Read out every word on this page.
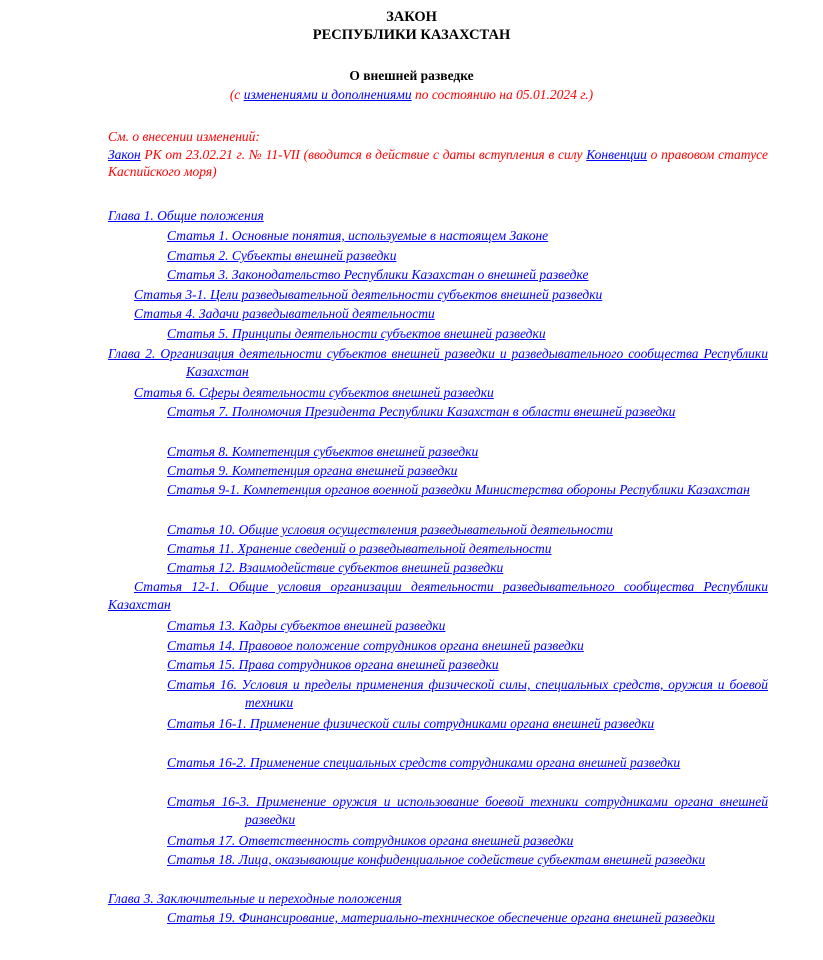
ЗАКОН
РЕСПУБЛИКИ КАЗАХСТАН
О внешней разведке
(с изменениями и дополнениями по состоянию на 05.01.2024 г.)
См. о внесении изменений:
Закон РК от 23.02.21 г. № 11-VII (вводится в действие с даты вступления в силу Конвенции о правовом статусе Каспийского моря)
Глава 1. Общие положения
Статья 1. Основные понятия, используемые в настоящем Законе
Статья 2. Субъекты внешней разведки
Статья 3. Законодательство Республики Казахстан о внешней разведке
Статья 3-1. Цели разведывательной деятельности субъектов внешней разведки
Статья 4. Задачи разведывательной деятельности
Статья 5. Принципы деятельности субъектов внешней разведки
Глава 2. Организация деятельности субъектов внешней разведки и разведывательного сообщества Республики Казахстан
Статья 6. Сферы деятельности субъектов внешней разведки
Статья 7. Полномочия Президента Республики Казахстан в области внешней разведки
Статья 8. Компетенция субъектов внешней разведки
Статья 9. Компетенция органа внешней разведки
Статья 9-1. Компетенция органов военной разведки Министерства обороны Республики Казахстан
Статья 10. Общие условия осуществления разведывательной деятельности
Статья 11. Хранение сведений о разведывательной деятельности
Статья 12. Взаимодействие субъектов внешней разведки
Статья 12-1. Общие условия организации деятельности разведывательного сообщества Республики Казахстан
Статья 13. Кадры субъектов внешней разведки
Статья 14. Правовое положение сотрудников органа внешней разведки
Статья 15. Права сотрудников органа внешней разведки
Статья 16. Условия и пределы применения физической силы, специальных средств, оружия и боевой техники
Статья 16-1. Применение физической силы сотрудниками органа внешней разведки
Статья 16-2. Применение специальных средств сотрудниками органа внешней разведки
Статья 16-3. Применение оружия и использование боевой техники сотрудниками органа внешней разведки
Статья 17. Ответственность сотрудников органа внешней разведки
Статья 18. Лица, оказывающие конфиденциальное содействие субъектам внешней разведки
Глава 3. Заключительные и переходные положения
Статья 19. Финансирование, материально-техническое обеспечение органа внешней разведки
